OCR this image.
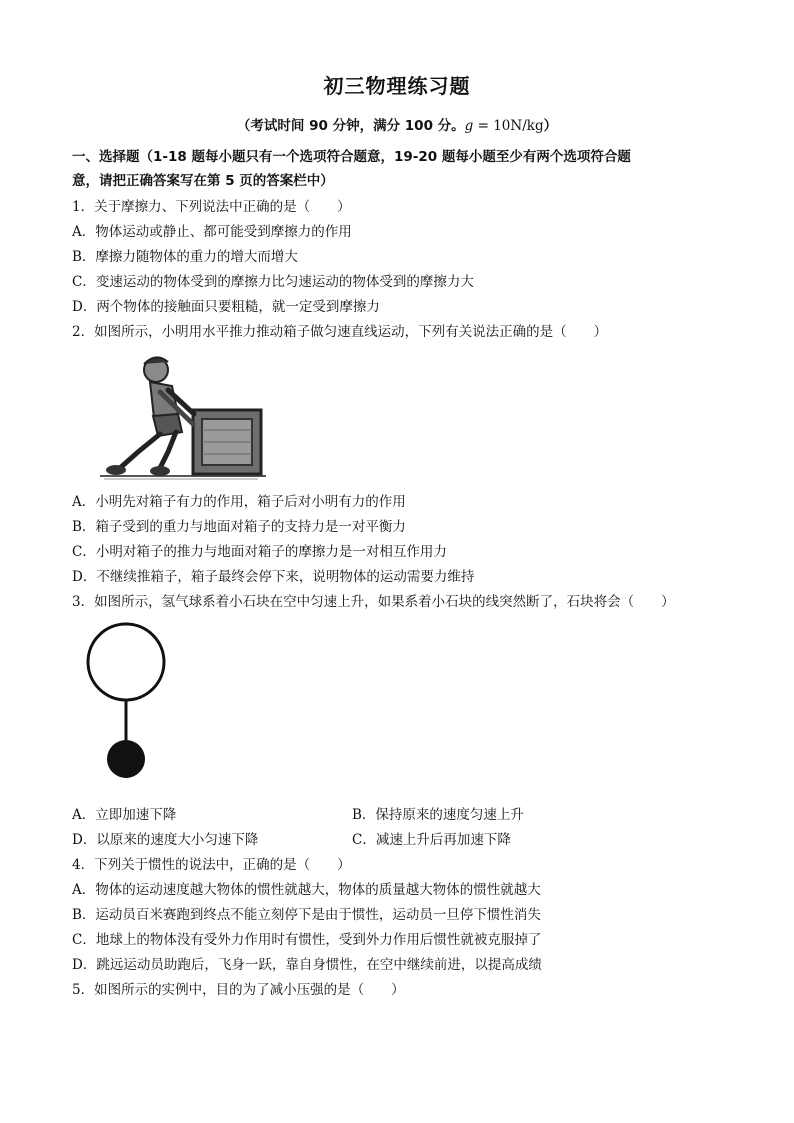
初三物理练习题
（考试时间 90 分钟，满分 100 分。g = 10N/kg）
一、选择题（1-18 题每小题只有一个选项符合题意，19-20 题每小题至少有两个选项符合题
意，请把正确答案写在第 5 页的答案栏中）
1．关于摩擦力、下列说法中正确的是（　　）
A．物体运动或静止、都可能受到摩擦力的作用
B．摩擦力随物体的重力的增大而增大
C．变速运动的物体受到的摩擦力比匀速运动的物体受到的摩擦力大
D．两个物体的接触面只要粗糙，就一定受到摩擦力
2．如图所示，小明用水平推力推动箱子做匀速直线运动，下列有关说法正确的是（　　）
A．小明先对箱子有力的作用，箱子后对小明有力的作用
B．箱子受到的重力与地面对箱子的支持力是一对平衡力
C．小明对箱子的推力与地面对箱子的摩擦力是一对相互作用力
D．不继续推箱子，箱子最终会停下来，说明物体的运动需要力维持
3．如图所示，氢气球系着小石块在空中匀速上升，如果系着小石块的线突然断了，石块将会（　　）
A．立即加速下降	B．保持原来的速度匀速上升
D．以原来的速度大小匀速下降	C．减速上升后再加速下降
4．下列关于惯性的说法中，正确的是（　　）
A．物体的运动速度越大物体的惯性就越大，物体的质量越大物体的惯性就越大
B．运动员百米赛跑到终点不能立刻停下是由于惯性，运动员一旦停下惯性消失
C．地球上的物体没有受外力作用时有惯性，受到外力作用后惯性就被克服掉了
D．跳远运动员助跑后，飞身一跃，靠自身惯性，在空中继续前进，以提高成绩
5．如图所示的实例中，目的为了减小压强的是（　　）
